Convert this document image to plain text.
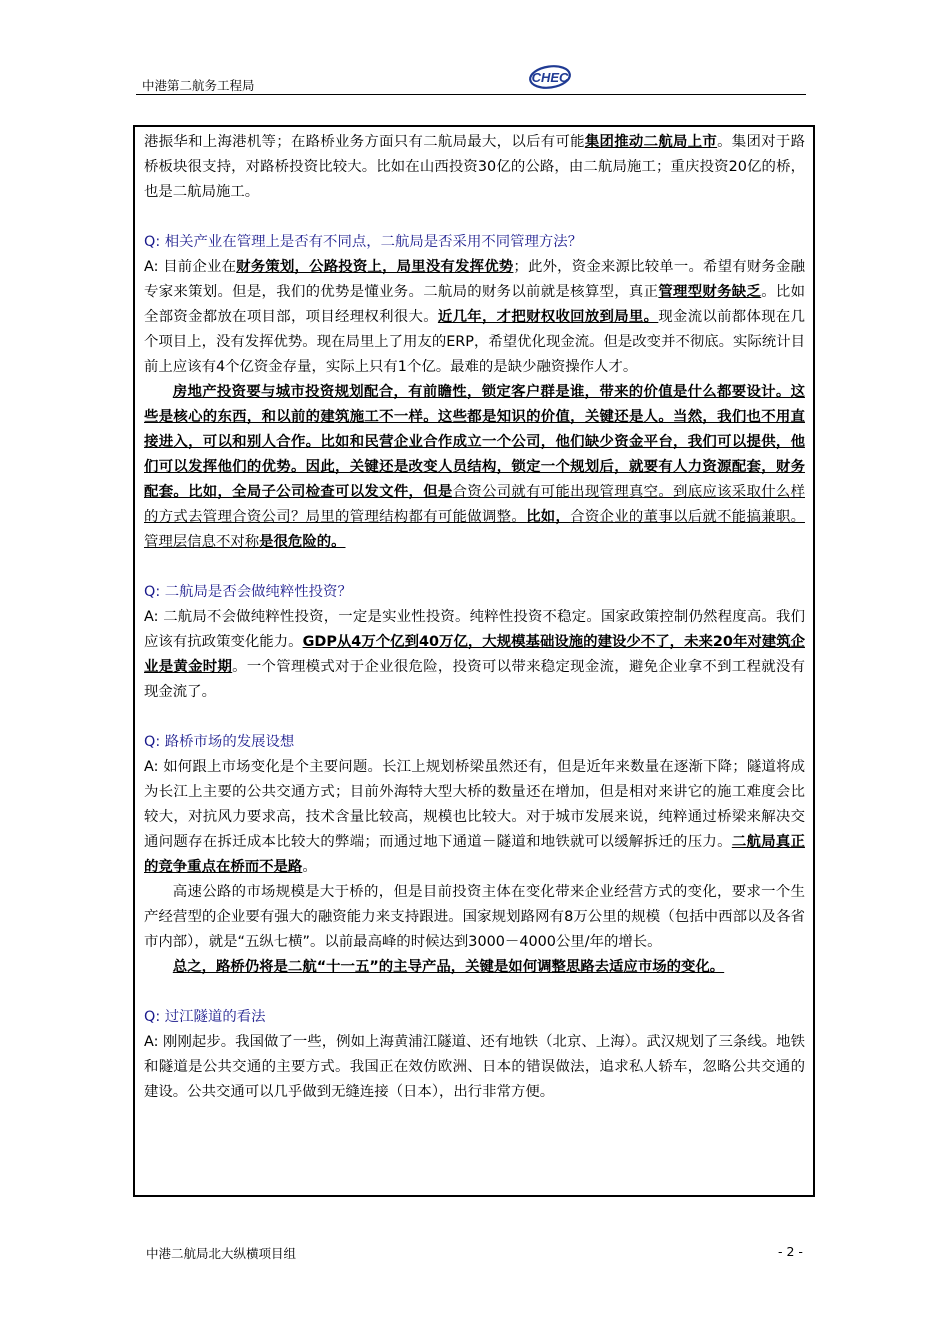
中港第二航务工程局
CHEC

港振华和上海港机等；在路桥业务方面只有二航局最大，以后有可能集团推动二航局上市。集团对于路桥板块很支持，对路桥投资比较大。比如在山西投资30亿的公路，由二航局施工；重庆投资20亿的桥，也是二航局施工。

Q: 相关产业在管理上是否有不同点，二航局是否采用不同管理方法？

A: 目前企业在财务策划，公路投资上，局里没有发挥优势；此外，资金来源比较单一。希望有财务金融专家来策划。但是，我们的优势是懂业务。二航局的财务以前就是核算型，真正管理型财务缺乏。比如全部资金都放在项目部，项目经理权利很大。近几年，才把财权收回放到局里。现金流以前都体现在几个项目上，没有发挥优势。现在局里上了用友的ERP，希望优化现金流。但是改变并不彻底。实际统计目前上应该有4个亿资金存量，实际上只有1个亿。最难的是缺少融资操作人才。

房地产投资要与城市投资规划配合，有前瞻性，锁定客户群是谁，带来的价值是什么都要设计。这些是核心的东西，和以前的建筑施工不一样。这些都是知识的价值，关键还是人。当然，我们也不用直接进入，可以和别人合作。比如和民营企业合作成立一个公司，他们缺少资金平台，我们可以提供，他们可以发挥他们的优势。因此，关键还是改变人员结构，锁定一个规划后，就要有人力资源配套，财务配套。比如，全局子公司检查可以发文件，但是合资公司就有可能出现管理真空。到底应该采取什么样的方式去管理合资公司？局里的管理结构都有可能做调整。比如，合资企业的董事以后就不能搞兼职。管理层信息不对称是很危险的。

Q: 二航局是否会做纯粹性投资？

A: 二航局不会做纯粹性投资，一定是实业性投资。纯粹性投资不稳定。国家政策控制仍然程度高。我们应该有抗政策变化能力。GDP从4万个亿到40万亿，大规模基础设施的建设少不了，未来20年对建筑企业是黄金时期。一个管理模式对于企业很危险，投资可以带来稳定现金流，避免企业拿不到工程就没有现金流了。

Q: 路桥市场的发展设想

A: 如何跟上市场变化是个主要问题。长江上规划桥梁虽然还有，但是近年来数量在逐渐下降；隧道将成为长江上主要的公共交通方式；目前外海特大型大桥的数量还在增加，但是相对来讲它的施工难度会比较大，对抗风力要求高，技术含量比较高，规模也比较大。对于城市发展来说，纯粹通过桥梁来解决交通问题存在拆迁成本比较大的弊端；而通过地下通道－隧道和地铁就可以缓解拆迁的压力。二航局真正的竞争重点在桥而不是路。

高速公路的市场规模是大于桥的，但是目前投资主体在变化带来企业经营方式的变化，要求一个生产经营型的企业要有强大的融资能力来支持跟进。国家规划路网有8万公里的规模（包括中西部以及各省市内部），就是“五纵七横”。以前最高峰的时候达到3000－4000公里/年的增长。

总之，路桥仍将是二航“十一五”的主导产品，关键是如何调整思路去适应市场的变化。

Q: 过江隧道的看法

A: 刚刚起步。我国做了一些，例如上海黄浦江隧道、还有地铁（北京、上海）。武汉规划了三条线。地铁和隧道是公共交通的主要方式。我国正在效仿欧洲、日本的错误做法，追求私人轿车，忽略公共交通的建设。公共交通可以几乎做到无缝连接（日本），出行非常方便。

中港二航局北大纵横项目组	- 2 -
